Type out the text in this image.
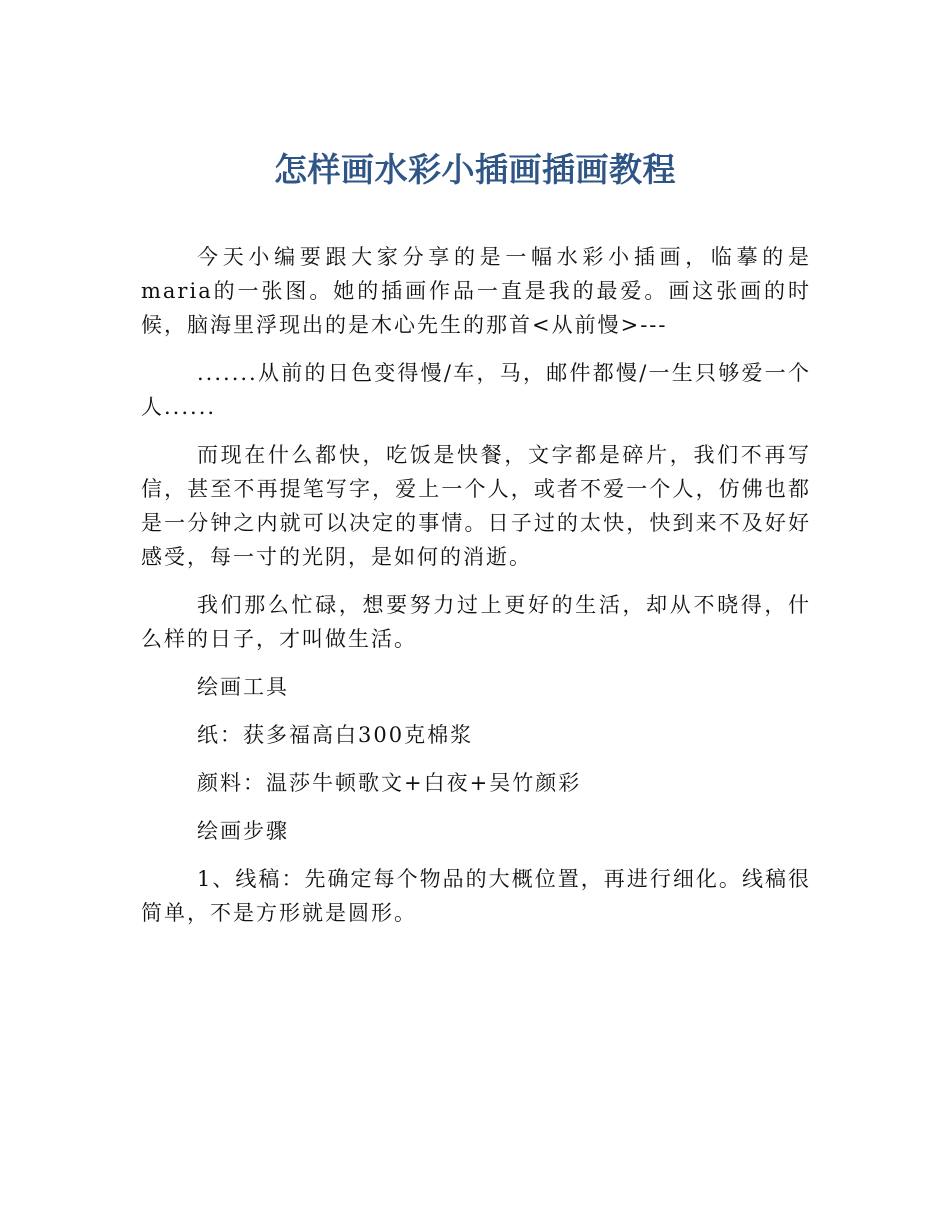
怎样画水彩小插画插画教程

今天小编要跟大家分享的是一幅水彩小插画，临摹的是maria的一张图。她的插画作品一直是我的最爱。画这张画的时候，脑海里浮现出的是木心先生的那首<从前慢>---

.......从前的日色变得慢/车，马，邮件都慢/一生只够爱一个人......

而现在什么都快，吃饭是快餐，文字都是碎片，我们不再写信，甚至不再提笔写字，爱上一个人，或者不爱一个人，仿佛也都是一分钟之内就可以决定的事情。日子过的太快，快到来不及好好感受，每一寸的光阴，是如何的消逝。

我们那么忙碌，想要努力过上更好的生活，却从不晓得，什么样的日子，才叫做生活。

绘画工具

纸：获多福高白300克棉浆

颜料：温莎牛顿歌文+白夜+吴竹颜彩

绘画步骤

1、线稿：先确定每个物品的大概位置，再进行细化。线稿很简单，不是方形就是圆形。
